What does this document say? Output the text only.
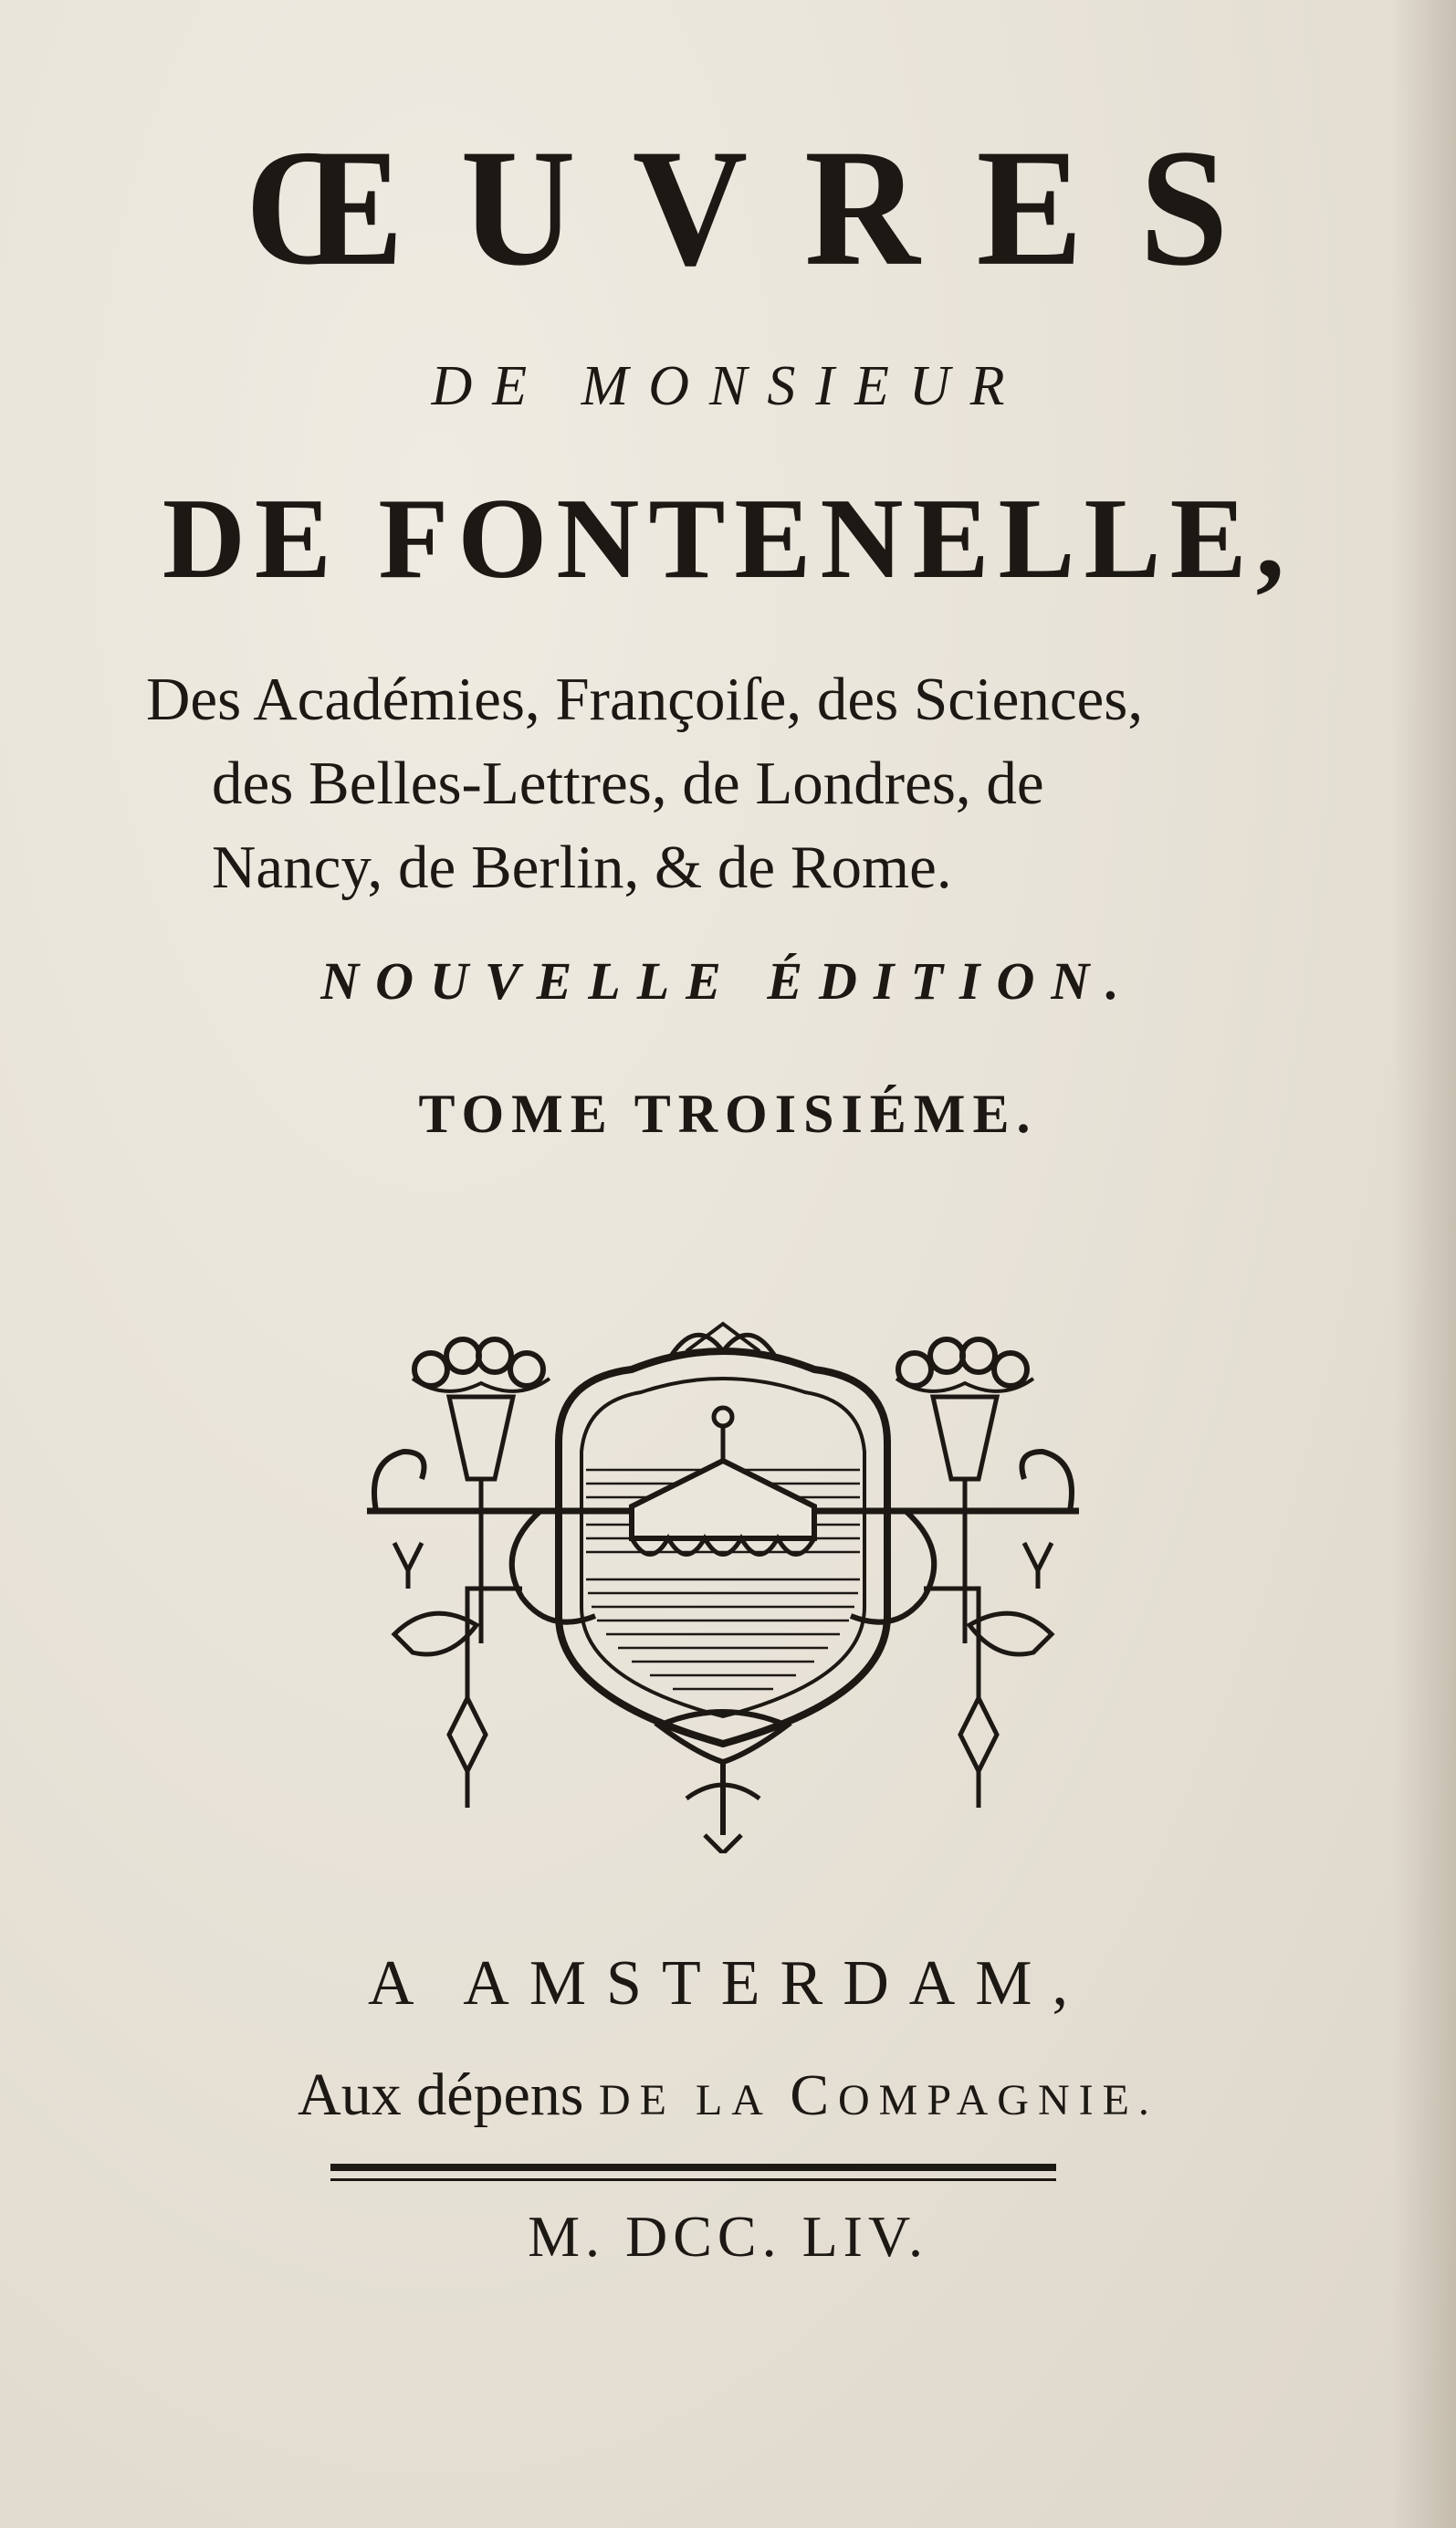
ŒUVRES
DE MONSIEUR
DE FONTENELLE,
Des Académies, Françoiſe, des Sciences,
des Belles-Lettres, de Londres, de
Nancy, de Berlin, & de Rome.
NOUVELLE ÉDITION.
TOME TROISIÉME.
A AMSTERDAM,
Aux dépens DE LA COMPAGNIE.
M. DCC. LIV.
